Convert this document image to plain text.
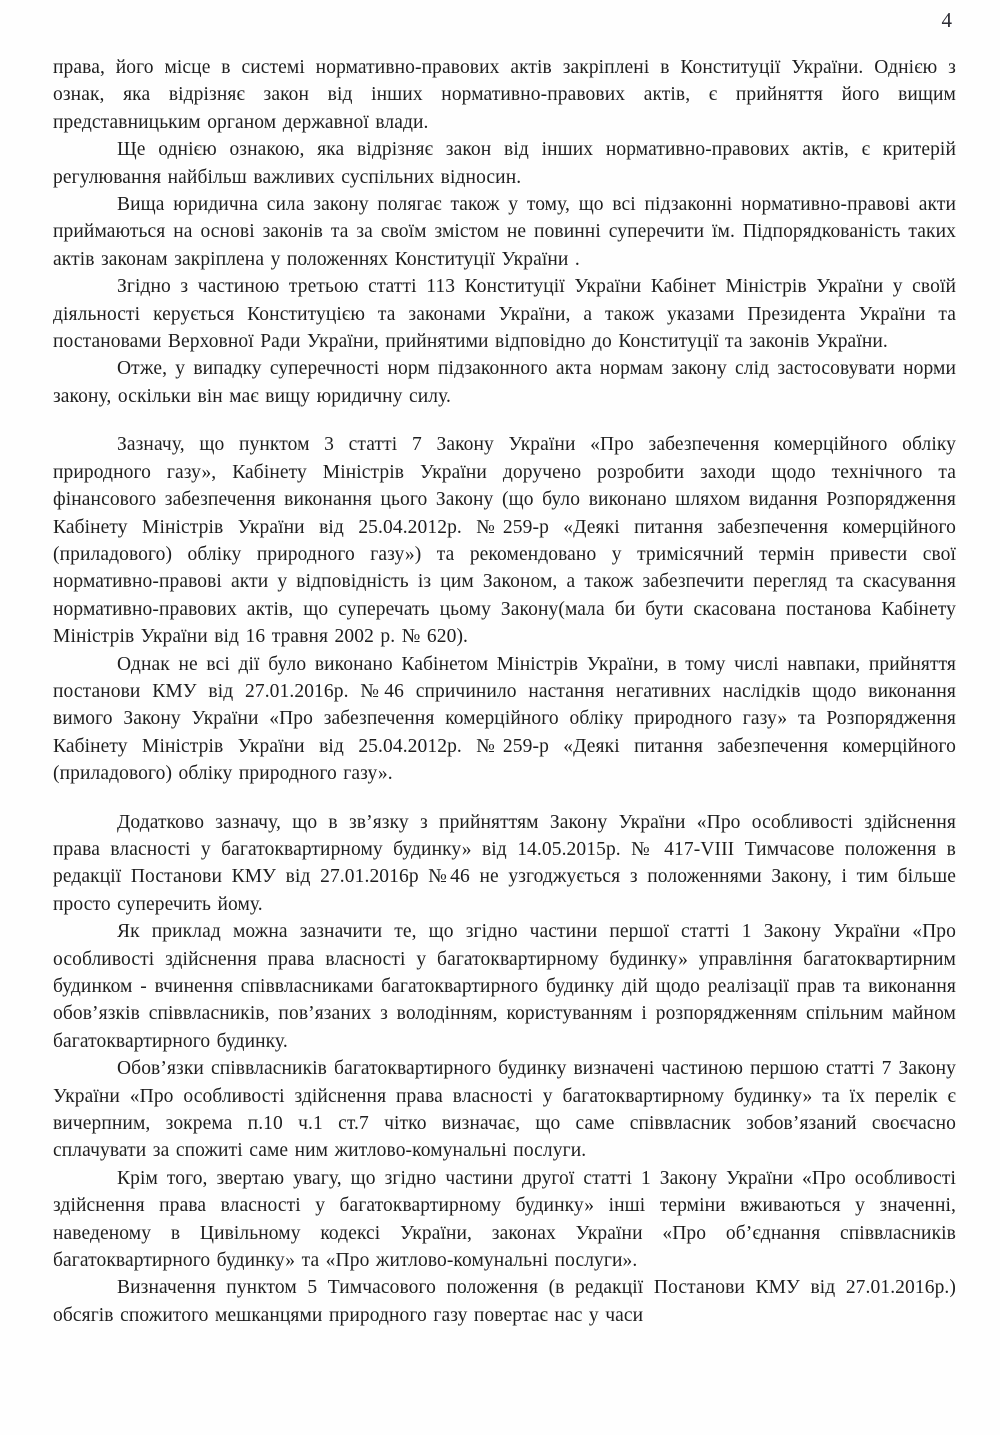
4

права, його місце в системі нормативно-правових актів закріплені в Конституції України. Однією з ознак, яка відрізняє закон від інших нормативно-правових актів, є прийняття його вищим представницьким органом державної влади.

Ще однією ознакою, яка відрізняє закон від інших нормативно-правових актів, є критерій регулювання найбільш важливих суспільних відносин.

Вища юридична сила закону полягає також у тому, що всі підзаконні нормативно-правові акти приймаються на основі законів та за своїм змістом не повинні суперечити їм. Підпорядкованість таких актів законам закріплена у положеннях Конституції України .

Згідно з частиною третьою статті 113 Конституції України Кабінет Міністрів України у своїй діяльності керується Конституцією та законами України, а також указами Президента України та постановами Верховної Ради України, прийнятими відповідно до Конституції та законів України.

Отже, у випадку суперечності норм підзаконного акта нормам закону слід застосовувати норми закону, оскільки він має вищу юридичну силу.

Зазначу, що пунктом 3 статті 7 Закону України «Про забезпечення комерційного обліку природного газу», Кабінету Міністрів України доручено розробити заходи щодо технічного та фінансового забезпечення виконання цього Закону (що було виконано шляхом видання Розпорядження Кабінету Міністрів України від 25.04.2012р. №259-р «Деякі питання забезпечення комерційного (приладового) обліку природного газу») та рекомендовано у тримісячний термін привести свої нормативно-правові акти у відповідність із цим Законом, а також забезпечити перегляд та скасування нормативно-правових актів, що суперечать цьому Закону(мала би бути скасована постанова Кабінету Міністрів України від 16 травня 2002 р. № 620).

Однак не всі дії було виконано Кабінетом Міністрів України, в тому числі навпаки, прийняття постанови КМУ від 27.01.2016р. №46 спричинило настання негативних наслідків щодо виконання вимого Закону України «Про забезпечення комерційного обліку природного газу» та Розпорядження Кабінету Міністрів України від 25.04.2012р. №259-р «Деякі питання забезпечення комерційного (приладового) обліку природного газу».

Додатково зазначу, що в зв’язку з прийняттям Закону України «Про особливості здійснення права власності у багатоквартирному будинку» від 14.05.2015р. № 417-VIII Тимчасове положення в редакції Постанови КМУ від 27.01.2016р №46 не узгоджується з положеннями Закону, і тим більше просто суперечить йому.

Як приклад можна зазначити те, що згідно частини першої статті 1 Закону України «Про особливості здійснення права власності у багатоквартирному будинку» управління багатоквартирним будинком - вчинення співвласниками багатоквартирного будинку дій щодо реалізації прав та виконання обов’язків співвласників, пов’язаних з володінням, користуванням і розпорядженням спільним майном багатоквартирного будинку.

Обов’язки співвласників багатоквартирного будинку визначені частиною першою статті 7 Закону України «Про особливості здійснення права власності у багатоквартирному будинку» та їх перелік є вичерпним, зокрема п.10 ч.1 ст.7 чітко визначає, що саме співвласник зобов’язаний своєчасно сплачувати за спожиті саме ним житлово-комунальні послуги.

Крім того, звертаю увагу, що згідно частини другої статті 1 Закону України «Про особливості здійснення права власності у багатоквартирному будинку» інші терміни вживаються у значенні, наведеному в Цивільному кодексі України, законах України «Про об’єднання співвласників багатоквартирного будинку» та «Про житлово-комунальні послуги».

Визначення пунктом 5 Тимчасового положення (в редакції Постанови КМУ від 27.01.2016р.) обсягів спожитого мешканцями природного газу повертає нас у часи
